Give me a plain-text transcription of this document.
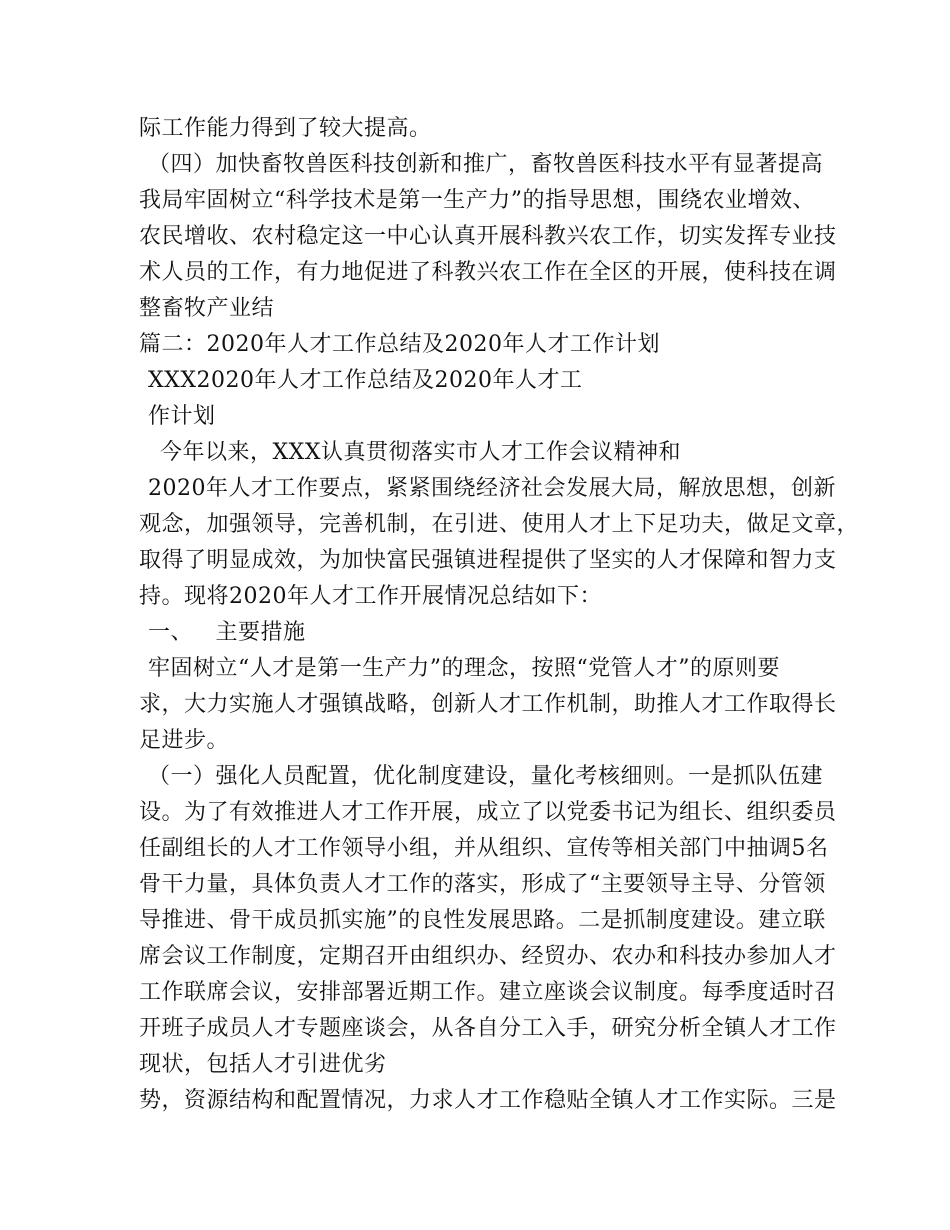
际工作能力得到了较大提高。
（四）加快畜牧兽医科技创新和推广，畜牧兽医科技水平有显著提高
我局牢固树立“科学技术是第一生产力”的指导思想，围绕农业增效、
农民增收、农村稳定这一中心认真开展科教兴农工作，切实发挥专业技
术人员的工作，有力地促进了科教兴农工作在全区的开展，使科技在调
整畜牧产业结
篇二：2020年人才工作总结及2020年人才工作计划
XXX2020年人才工作总结及2020年人才工
作计划
今年以来，XXX认真贯彻落实市人才工作会议精神和
2020年人才工作要点，紧紧围绕经济社会发展大局，解放思想，创新
观念，加强领导，完善机制，在引进、使用人才上下足功夫，做足文章，
取得了明显成效，为加快富民强镇进程提供了坚实的人才保障和智力支
持。现将2020年人才工作开展情况总结如下：
一、   主要措施
牢固树立“人才是第一生产力”的理念，按照“党管人才”的原则要
求，大力实施人才强镇战略，创新人才工作机制，助推人才工作取得长
足进步。
（一）强化人员配置，优化制度建设，量化考核细则。一是抓队伍建
设。为了有效推进人才工作开展，成立了以党委书记为组长、组织委员
任副组长的人才工作领导小组，并从组织、宣传等相关部门中抽调5名
骨干力量，具体负责人才工作的落实，形成了“主要领导主导、分管领
导推进、骨干成员抓实施”的良性发展思路。二是抓制度建设。建立联
席会议工作制度，定期召开由组织办、经贸办、农办和科技办参加人才
工作联席会议，安排部署近期工作。建立座谈会议制度。每季度适时召
开班子成员人才专题座谈会，从各自分工入手，研究分析全镇人才工作
现状，包括人才引进优劣
势，资源结构和配置情况，力求人才工作稳贴全镇人才工作实际。三是
